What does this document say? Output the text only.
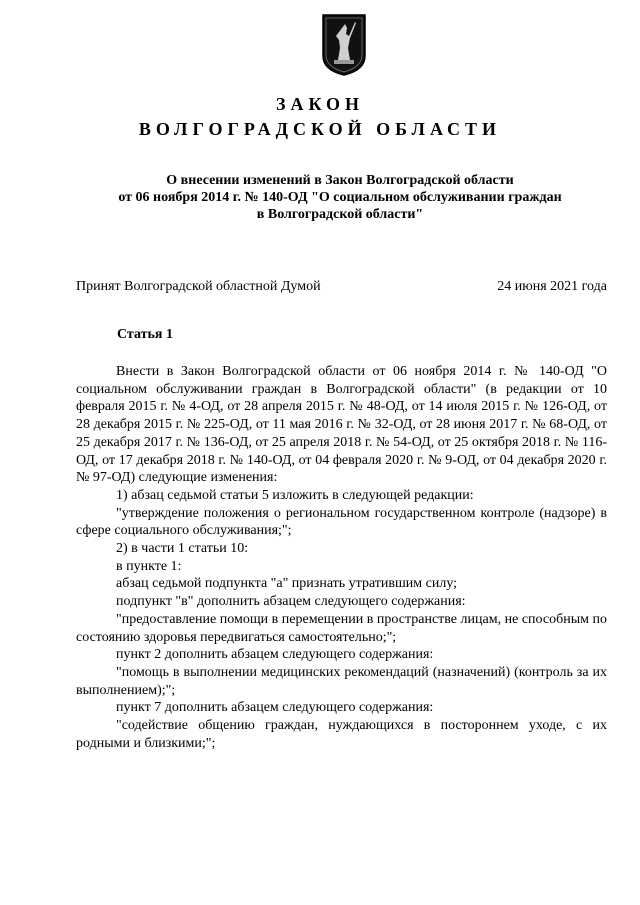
ЗАКОН
ВОЛГОГРАДСКОЙ ОБЛАСТИ
О внесении изменений в Закон Волгоградской области
от 06 ноября 2014 г. № 140-ОД "О социальном обслуживании граждан
в Волгоградской области"
Принят Волгоградской областной Думой	24 июня 2021 года
Статья 1

Внести в Закон Волгоградской области от 06 ноября 2014 г. № 140-ОД "О социальном обслуживании граждан в Волгоградской области" (в редакции от 10 февраля 2015 г. № 4-ОД, от 28 апреля 2015 г. № 48-ОД, от 14 июля 2015 г. № 126-ОД, от 28 декабря 2015 г. № 225-ОД, от 11 мая 2016 г. № 32-ОД, от 28 июня 2017 г. № 68-ОД, от 25 декабря 2017 г. № 136-ОД, от 25 апреля 2018 г. № 54-ОД, от 25 октября 2018 г. № 116-ОД, от 17 декабря 2018 г. № 140-ОД, от 04 февраля 2020 г. № 9-ОД, от 04 декабря 2020 г. № 97-ОД) следующие изменения:

1) абзац седьмой статьи 5 изложить в следующей редакции:

"утверждение положения о региональном государственном контроле (надзоре) в сфере социального обслуживания;";

2) в части 1 статьи 10:

в пункте 1:

абзац седьмой подпункта "а" признать утратившим силу;

подпункт "в" дополнить абзацем следующего содержания:

"предоставление помощи в перемещении в пространстве лицам, не способным по состоянию здоровья передвигаться самостоятельно;";

пункт 2 дополнить абзацем следующего содержания:

"помощь в выполнении медицинских рекомендаций (назначений) (контроль за их выполнением);";

пункт 7 дополнить абзацем следующего содержания:

"содействие общению граждан, нуждающихся в постороннем уходе, с их родными и близкими;";
